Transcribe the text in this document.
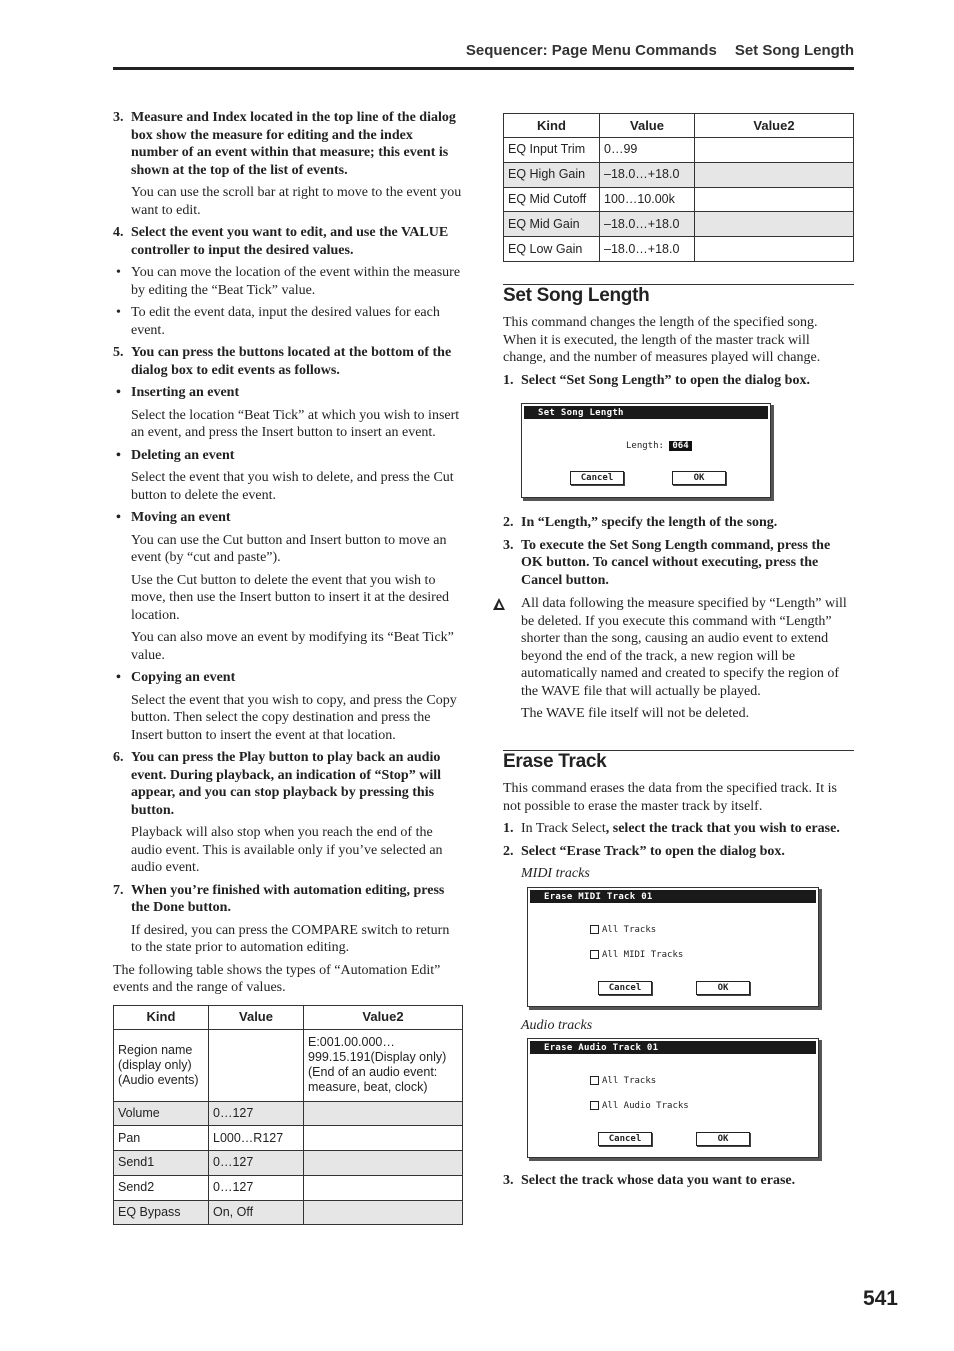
Sequencer: Page Menu Commands Set Song Length
3. Measure and Index located in the top line of the dialog box show the measure for editing and the index number of an event within that measure; this event is shown at the top of the list of events.
You can use the scroll bar at right to move to the event you want to edit.
4. Select the event you want to edit, and use the VALUE controller to input the desired values.
• You can move the location of the event within the measure by editing the “Beat Tick” value.
• To edit the event data, input the desired values for each event.
5. You can press the buttons located at the bottom of the dialog box to edit events as follows.
• Inserting an event
Select the location “Beat Tick” at which you wish to insert an event, and press the Insert button to insert an event.
• Deleting an event
Select the event that you wish to delete, and press the Cut button to delete the event.
• Moving an event
You can use the Cut button and Insert button to move an event (by “cut and paste”).
Use the Cut button to delete the event that you wish to move, then use the Insert button to insert it at the desired location.
You can also move an event by modifying its “Beat Tick” value.
• Copying an event
Select the event that you wish to copy, and press the Copy button. Then select the copy destination and press the Insert button to insert the event at that location.
6. You can press the Play button to play back an audio event. During playback, an indication of “Stop” will appear, and you can stop playback by pressing this button.
Playback will also stop when you reach the end of the audio event. This is available only if you’ve selected an audio event.
7. When you’re finished with automation editing, press the Done button.
If desired, you can press the COMPARE switch to return to the state prior to automation editing.
The following table shows the types of “Automation Edit” events and the range of values.
Kind	Value	Value2
Region name (display only) (Audio events)		E:001.00.000…999.15.191(Display only) (End of an audio event: measure, beat, clock)
Volume	0…127	
Pan	L000…R127	
Send1	0…127	
Send2	0…127	
EQ Bypass	On, Off	
Kind	Value	Value2
EQ Input Trim	0…99	
EQ High Gain	–18.0…+18.0	
EQ Mid Cutoff	100…10.00k	
EQ Mid Gain	–18.0…+18.0	
EQ Low Gain	–18.0…+18.0	
Set Song Length
This command changes the length of the specified song. When it is executed, the length of the master track will change, and the number of measures played will change.
1. Select “Set Song Length” to open the dialog box.
Set Song Length
Length: 064
Cancel	OK
2. In “Length,” specify the length of the song.
3. To execute the Set Song Length command, press the OK button. To cancel without executing, press the Cancel button.
All data following the measure specified by “Length” will be deleted. If you execute this command with “Length” shorter than the song, causing an audio event to extend beyond the end of the track, a new region will be automatically named and created to specify the region of the WAVE file that will actually be played.
The WAVE file itself will not be deleted.
Erase Track
This command erases the data from the specified track. It is not possible to erase the master track by itself.
1. In Track Select, select the track that you wish to erase.
2. Select “Erase Track” to open the dialog box.
MIDI tracks
Erase MIDI Track 01
All Tracks
All MIDI Tracks
Cancel	OK
Audio tracks
Erase Audio Track 01
All Tracks
All Audio Tracks
Cancel	OK
3. Select the track whose data you want to erase.
541
